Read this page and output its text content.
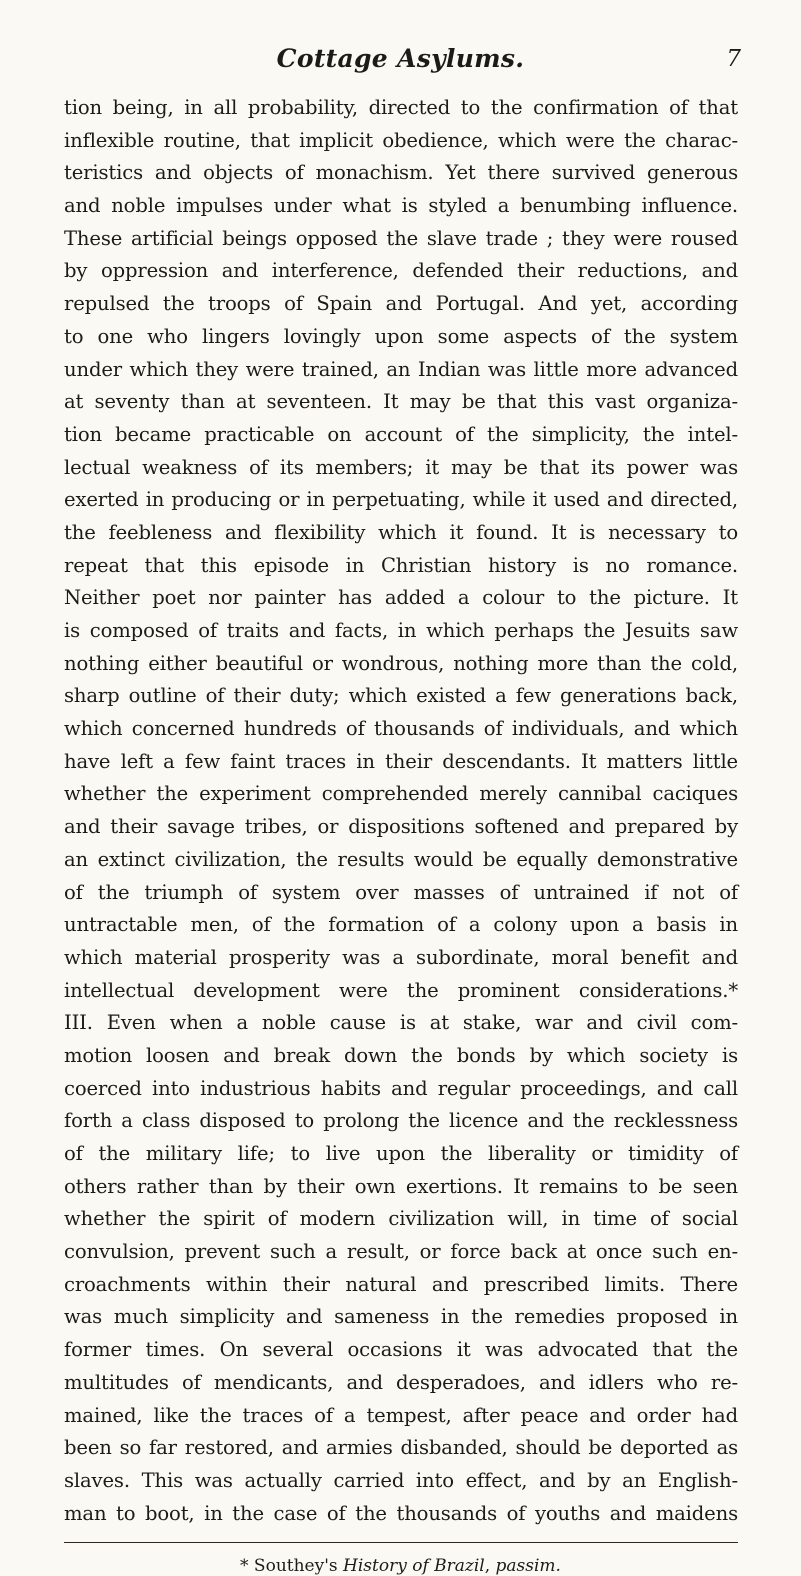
Cottage Asylums.	7
tion being, in all probability, directed to the confirmation of that
inflexible routine, that implicit obedience, which were the charac-
teristics and objects of monachism. Yet there survived generous
and noble impulses under what is styled a benumbing influence.
These artificial beings opposed the slave trade ; they were roused
by oppression and interference, defended their reductions, and
repulsed the troops of Spain and Portugal. And yet, according
to one who lingers lovingly upon some aspects of the system
under which they were trained, an Indian was little more advanced
at seventy than at seventeen. It may be that this vast organiza-
tion became practicable on account of the simplicity, the intel-
lectual weakness of its members; it may be that its power was
exerted in producing or in perpetuating, while it used and directed,
the feebleness and flexibility which it found. It is necessary to
repeat that this episode in Christian history is no romance.
Neither poet nor painter has added a colour to the picture. It
is composed of traits and facts, in which perhaps the Jesuits saw
nothing either beautiful or wondrous, nothing more than the cold,
sharp outline of their duty; which existed a few generations back,
which concerned hundreds of thousands of individuals, and which
have left a few faint traces in their descendants. It matters little
whether the experiment comprehended merely cannibal caciques
and their savage tribes, or dispositions softened and prepared by
an extinct civilization, the results would be equally demonstrative
of the triumph of system over masses of untrained if not of
untractable men, of the formation of a colony upon a basis in
which material prosperity was a subordinate, moral benefit and
intellectual development were the prominent considerations.*
III. Even when a noble cause is at stake, war and civil com-
motion loosen and break down the bonds by which society is
coerced into industrious habits and regular proceedings, and call
forth a class disposed to prolong the licence and the recklessness
of the military life; to live upon the liberality or timidity of
others rather than by their own exertions. It remains to be seen
whether the spirit of modern civilization will, in time of social
convulsion, prevent such a result, or force back at once such en-
croachments within their natural and prescribed limits. There
was much simplicity and sameness in the remedies proposed in
former times. On several occasions it was advocated that the
multitudes of mendicants, and desperadoes, and idlers who re-
mained, like the traces of a tempest, after peace and order had
been so far restored, and armies disbanded, should be deported as
slaves. This was actually carried into effect, and by an English-
man to boot, in the case of the thousands of youths and maidens
* Southey's History of Brazil, passim.
